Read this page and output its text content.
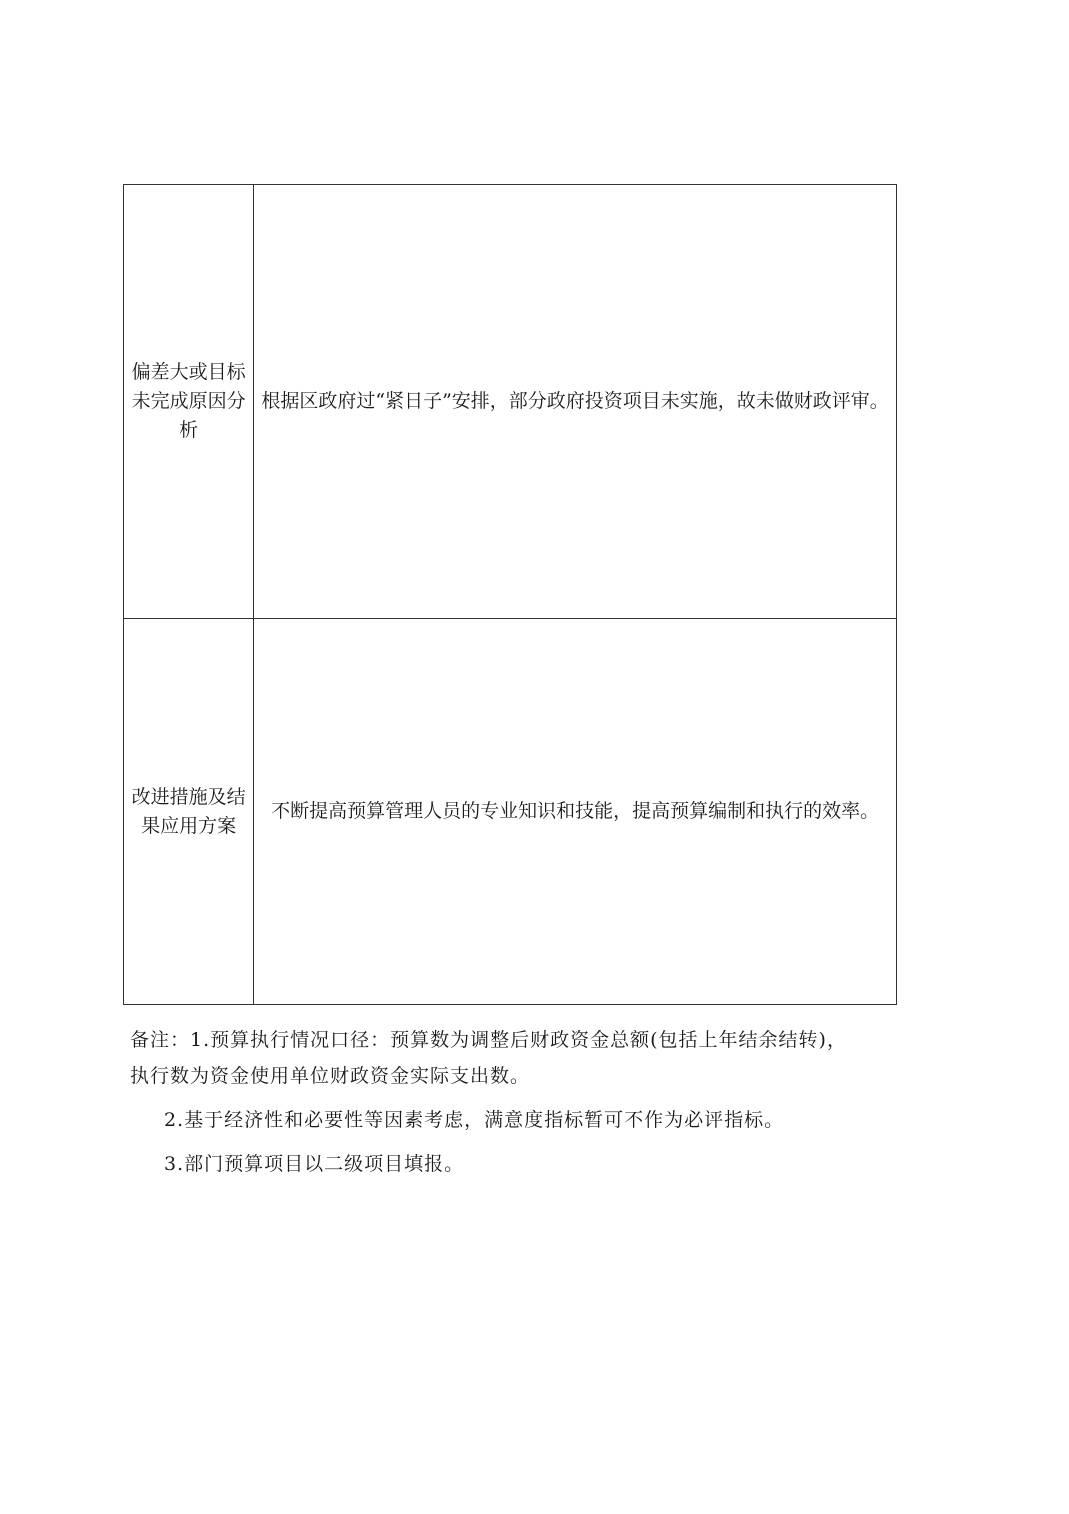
偏差大或目标未完成原因分析	根据区政府过“紧日子”安排，部分政府投资项目未实施，故未做财政评审。

改进措施及结果应用方案	不断提高预算管理人员的专业知识和技能，提高预算编制和执行的效率。

备注：1.预算执行情况口径：预算数为调整后财政资金总额(包括上年结余结转)，

执行数为资金使用单位财政资金实际支出数。

2.基于经济性和必要性等因素考虑，满意度指标暂可不作为必评指标。

3.部门预算项目以二级项目填报。
